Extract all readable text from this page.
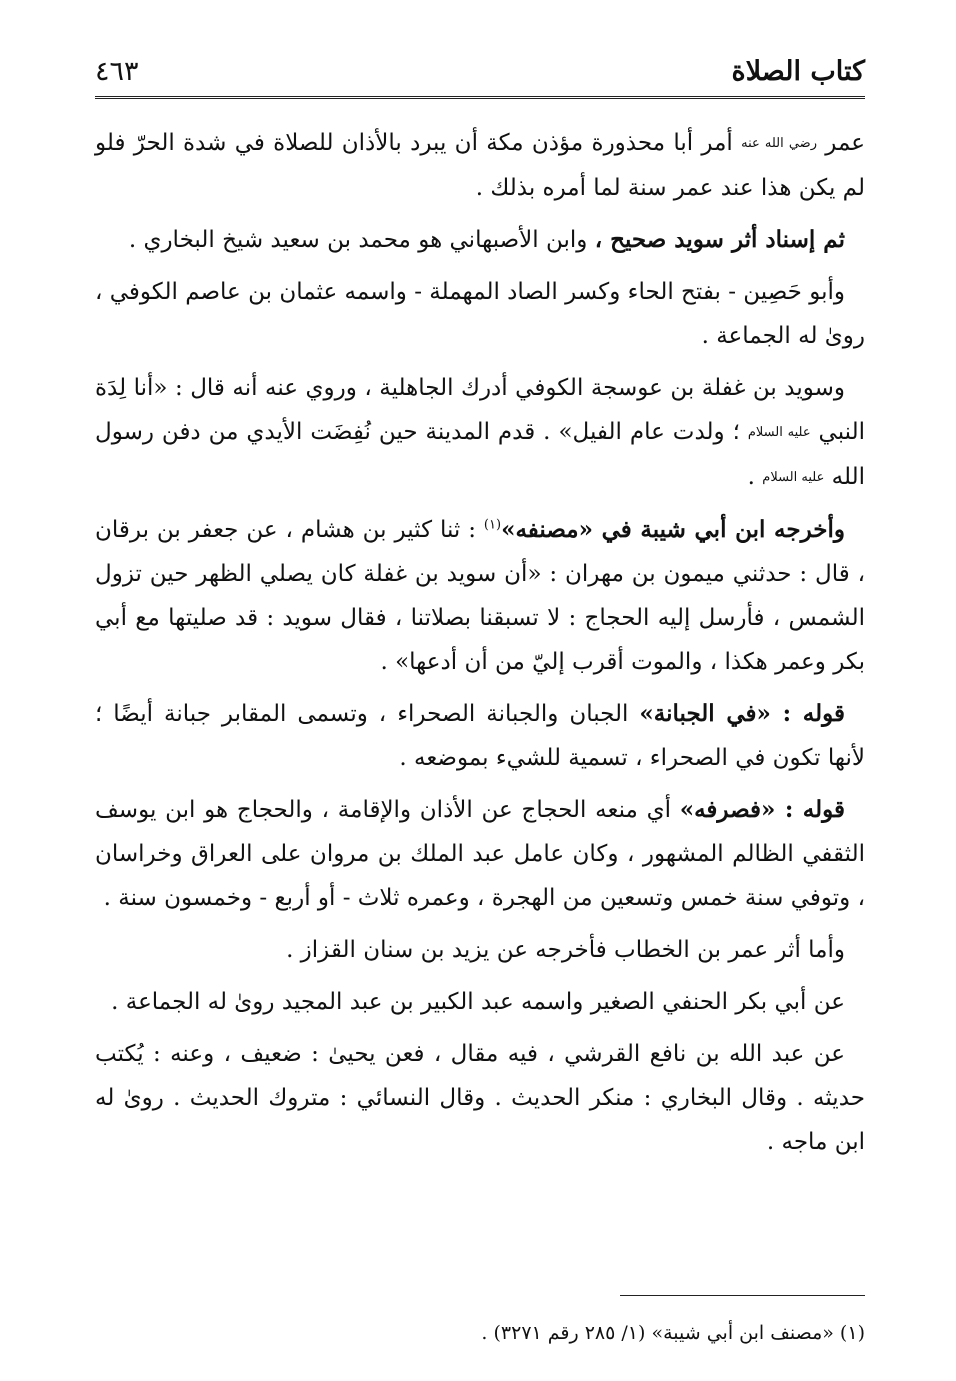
كتاب الصلاة
٤٦٣

عمر رضي الله عنه أمر أبا محذورة مؤذن مكة أن يبرد بالأذان للصلاة في شدة الحرّ فلو لم يكن هذا عند عمر سنة لما أمره بذلك .

ثم إسناد أثر سويد صحيح ، وابن الأصبهاني هو محمد بن سعيد شيخ البخاري .

وأبو حَصِين - بفتح الحاء وكسر الصاد المهملة - واسمه عثمان بن عاصم الكوفي ، روىٰ له الجماعة .

وسويد بن غفلة بن عوسجة الكوفي أدرك الجاهلية ، وروي عنه أنه قال : «أنا لِدَة النبي عليه السلام ؛ ولدت عام الفيل» . قدم المدينة حين نُفِضَت الأيدي من دفن رسول الله عليه السلام .

وأخرجه ابن أبي شيبة في «مصنفه»$^{(١)}$ : ثنا كثير بن هشام ، عن جعفر بن برقان ، قال : حدثني ميمون بن مهران : «أن سويد بن غفلة كان يصلي الظهر حين تزول الشمس ، فأرسل إليه الحجاج : لا تسبقنا بصلاتنا ، فقال سويد : قد صليتها مع أبي بكر وعمر هكذا ، والموت أقرب إليّ من أن أدعها» .

قوله : «في الجبانة» الجبان والجبانة الصحراء ، وتسمى المقابر جبانة أيضًا ؛ لأنها تكون في الصحراء ، تسمية للشيء بموضعه .

قوله : «فصرفه» أي منعه الحجاج عن الأذان والإقامة ، والحجاج هو ابن يوسف الثقفي الظالم المشهور ، وكان عامل عبد الملك بن مروان على العراق وخراسان ، وتوفي سنة خمس وتسعين من الهجرة ، وعمره ثلاث - أو أربع - وخمسون سنة .

وأما أثر عمر بن الخطاب فأخرجه عن يزيد بن سنان القزاز .

عن أبي بكر الحنفي الصغير واسمه عبد الكبير بن عبد المجيد روىٰ له الجماعة .

عن عبد الله بن نافع القرشي ، فيه مقال ، فعن يحيىٰ : ضعيف ، وعنه : يُكتب حديثه . وقال البخاري : منكر الحديث . وقال النسائي : متروك الحديث . روىٰ له ابن ماجه .

(١) «مصنف ابن أبي شيبة» (١/ ٢٨٥ رقم ٣٢٧١) .
